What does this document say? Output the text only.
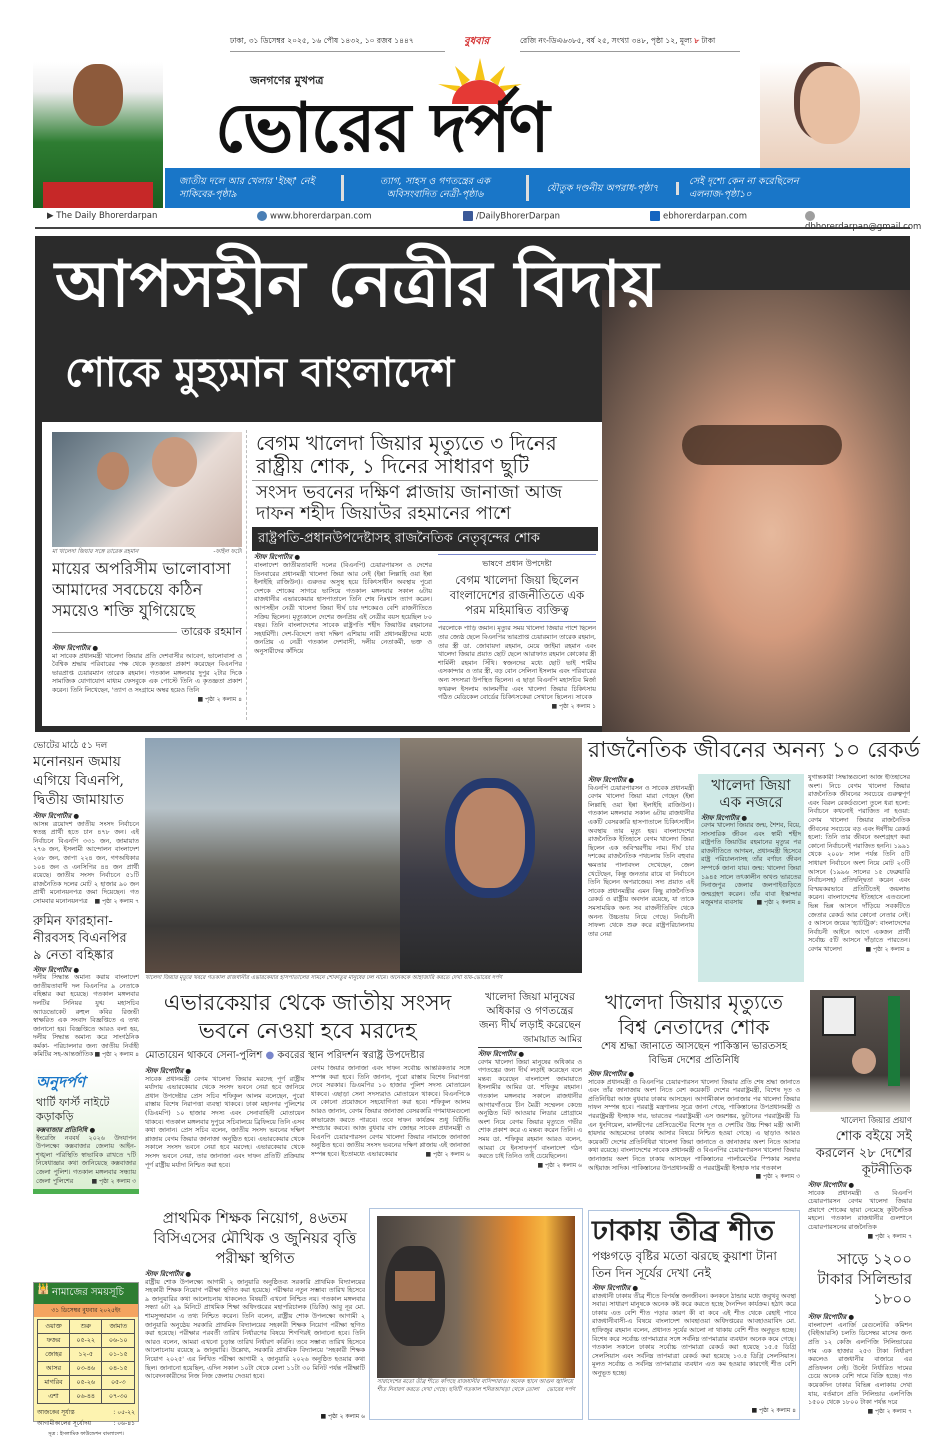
ঢাকা, ৩১ ডিসেম্বর ২০২৫, ১৬ পৌষ ১৪৩২, ১০ রজব ১৪৪৭	বুধবার	রেজি নং-ডিএ৬৩৮৫, বর্ষ ২৫, সংখ্যা ৩৪৮, পৃষ্ঠা ১২, মূল্য ৮ টাকা
জনগণের মুখপত্র
ভোরের দর্পণ
জাতীয় দলে আর খেলার 'ইচ্ছা' নেই সাকিবের-পৃষ্ঠা৯
ত্যাগ, সাহস ও গণতন্ত্রের এক অবিসংবাদিত নেত্রী-পৃষ্ঠা৬
যৌতুক দণ্ডনীয় অপরাধ-পৃষ্ঠা৭
সেই দৃশ্যে কেন না করেছিলেন এলনাজ-পৃষ্ঠা১০
▶ The Daily Bhorerdarpan	www.bhorerdarpan.com	/DailyBhorerDarpan	ebhorerdarpan.com
dbhorerdarpan@gmail.com
আপসহীন নেত্রীর বিদায়
শোকে মুহ্যমান বাংলাদেশ
মা খালেদা জিয়ার সঙ্গে তারেক রহমান	-ফাইল ফটো
মায়ের অপরিসীম ভালোবাসা আমাদের সবচেয়ে কঠিন সময়েও শক্তি যুগিয়েছে
তারেক রহমান
স্টাফ রিপোর্টার ●
মা সাবেক প্রধানমন্ত্রী খালেদা জিয়ার প্রতি দেশবাসীর আবেগ, ভালোবাসা ও বৈশ্বিক শ্রদ্ধায় পরিবারের পক্ষ থেকে কৃতজ্ঞতা প্রকাশ করেছেন বিএনপির ভারপ্রাপ্ত চেয়ারম্যান তারেক রহমান। গতকাল মঙ্গলবার দুপুর ২টার দিকে সামাজিক যোগাযোগ মাধ্যম ফেসবুকে এক পোস্টে তিনি এ কৃতজ্ঞতা প্রকাশ করেন। তিনি লিখেছেন, 'ত্যাগ ও সংগ্রামে অম্বর হয়েও তিনি
■ পৃষ্ঠা ২ কলাম ৪
বেগম খালেদা জিয়ার মৃত্যুতে ৩ দিনের রাষ্ট্রীয় শোক, ১ দিনের সাধারণ ছুটি
সংসদ ভবনের দক্ষিণ প্লাজায় জানাজা আজ দাফন শহীদ জিয়াউর রহমানের পাশে
রাষ্ট্রপতি-প্রধানউপদেষ্টাসহ রাজনৈতিক নেতৃবৃন্দের শোক
স্টাফ রিপোর্টার ●
বাংলাদেশ জাতীয়তাবাদী দলের (বিএনপি) চেয়ারপারসন ও দেশের তিনবারের প্রধানমন্ত্রী খালেদা জিয়া আর নেই (ইন্না লিল্লাহি ওয়া ইন্না ইলাইহি রাজিউন)। গুরুতর অসুস্থ হয়ে চিকিৎসাধীন অবস্থায় পুরো দেশকে শোকের সাগরে ভাসিয়ে গতকাল মঙ্গলবার সকাল ৬টায় রাজধানীর এভারকেয়ার হাসপাতালে তিনি শেষ নিঃশ্বাস ত্যাগ করেন। আপসহীন নেত্রী খালেদা জিয়া দীর্ঘ চার দশকেরও বেশি রাজনীতিতে সক্রিয় ছিলেন। মৃত্যুকালে দেশের জনপ্রিয় এই নেত্রীর বয়স হয়েছিল ৮০ বছর। তিনি বাংলাদেশের সাবেক রাষ্ট্রপতি শহীদ জিয়াউর রহমানের সহধর্মিণী। দেশ-বিদেশে তথা দক্ষিণ এশিয়ায় নারী প্রধানমন্ত্রীদের মধ্যে জনপ্রিয় এ নেত্রী গতকাল দেশবাসী, দলীয় নেতাকর্মী, ভক্ত ও অনুসারীদের কাঁদিয়ে
ভাষণে প্রধান উপদেষ্টা
বেগম খালেদা জিয়া ছিলেন বাংলাদেশের রাজনীতিতে এক পরম মহিমান্বিত ব্যক্তিত্ব
পরলোকে পাড়ি জমান। মৃত্যুর সময় খালেদা জিয়ার পাশে ছিলেন তার জ্যেষ্ঠ ছেলে বিএনপির ভারপ্রাপ্ত চেয়ারম্যান তারেক রহমান, তার স্ত্রী ডা. জোবায়দা রহমান, মেয়ে জাইমা রহমান এবং খালেদা জিয়ার প্রয়াত ছোট ছেলে আরাফাত রহমান কোকোর স্ত্রী শার্মিলী রহমান সিঁথি। স্বজনদের মধ্যে ছোট ভাই শামীম এসকান্দার ও তার স্ত্রী, বড় বোন সেলিনা ইসলাম এবং পরিবারের অন্য সদস্যরা উপস্থিত ছিলেন। এ ছাড়া বিএনপি মহাসচিব মির্জা ফখরুল ইসলাম আলমগীর এবং খালেদা জিয়ার চিকিৎসায় গঠিত মেডিকেল বোর্ডের চিকিৎসকেরা সেখানে ছিলেন। সাবেক
■ পৃষ্ঠা ২ কলাম ১
ভোটের মাঠে ৫১ দল
মনোনয়ন জমায় এগিয়ে বিএনপি, দ্বিতীয় জামায়াত
স্টাফ রিপোর্টার ●
আসন্ন ত্রয়োদশ জাতীয় সংসদ নির্বাচনে স্বতন্ত্র প্রার্থী হতে চান ৪৭৮ জন। এই নির্বাচনে বিএনপি ৩৩১ জন, জামায়াত ২৭৬ জন, ইসলামী আন্দোলন বাংলাদেশ ২৬৮ জন, জাপা ২২৪ জন, গণঅধিকার ১০৪ জন ও এনসিপির ৪৪ জন প্রার্থী রয়েছে। জাতীয় সংসদ নির্বাচনে ৫১টি রাজনৈতিক দলের মোট ২ হাজার ৯০ জন প্রার্থী মনোনয়নপত্র জমা দিয়েছেন। গত সোমবার মনোনয়নপত্র ■ পৃষ্ঠা ২ কলাম ৭
রুমিন ফারহানা-নীরবসহ বিএনপির ৯ নেতা বহিষ্কার
স্টাফ রিপোর্টার ●
দলীয় সিদ্ধান্ত অমান্য করায় বাংলাদেশ জাতীয়তাবাদী দল বিএনপির ৯ নেতাকে বহিষ্কার করা হয়েছে। গতকাল মঙ্গলবার দলটির সিনিয়র যুগ্ম মহাসচিব অ্যাডভোকেট রুহুল কবির রিজভী স্বাক্ষরিত এক সংবাদ বিজ্ঞপ্তিতে এ তথ্য জানানো হয়। বিজ্ঞপ্তিতে আরও বলা হয়, দলীয় সিদ্ধান্ত অমান্য করে সাংগঠনিক কর্মকা- পরিচালনার জন্য জাতীয় নির্বাহী কমিটির সহ-আন্তর্জাতিক ■ পৃষ্ঠা ২ কলাম ৪
অনুদর্পণ
থার্টি ফার্স্ট নাইটে কড়াকড়ি
কক্সবাজার প্রতিনিধি ●
ইংরেজি নববর্ষ ২০২৬ উদযাপন উপলক্ষ্যে কক্সবাজার জেলায় আইন-শৃঙ্খলা পরিস্থিতি স্বাভাবিক রাখতে ৭টি নিষেধাজ্ঞার কথা জানিয়েছে কক্সবাজার জেলা পুলিশ। গতকাল মঙ্গলবার সন্ধ্যায় জেলা পুলিশের	■ পৃষ্ঠা ২ কলাম ৩
খালেদা জিয়ার মৃত্যুর খবরে গতকাল রাজধানীর এভারকেয়ার হাসপাতালের সামনে শোকাতুর মানুষের ঢল নামে। অনেককে আহাজারি করতে দেখা যায়-ভোরের দর্পণ
রাজনৈতিক জীবনের অনন্য ১০ রেকর্ড
স্টাফ রিপোর্টার ●
বিএনপি চেয়ারপারসন ও সাবেক প্রধানমন্ত্রী বেগম খালেদা জিয়া মারা গেছেন (ইন্না লিল্লাহি ওয়া ইন্না ইলাইহি রাজিউন)। গতকাল মঙ্গলবার সকাল ৬টায় রাজধানীর একটি বেসরকারি হাসপাতালে চিকিৎসাধীন অবস্থায় তার মৃত্যু হয়। বাংলাদেশের রাজনৈতিক ইতিহাসে বেগম খালেদা জিয়া ছিলেন এক অবিস্মরণীয় নাম। দীর্ঘ চার দশকের রাজনৈতিক পথচলায় তিনি বহুবার ক্ষমতার পালাবদল দেখেছেন, জেল খেটেছেন, কিন্তু জনতার রায়ে বা নির্বাচনে তিনি ছিলেন অপরাজেয়। সদ্য প্রয়াত এই সাবেক প্রধানমন্ত্রীর এমন কিছু রাজনৈতিক রেকর্ড ও রাষ্ট্রীয় অবদান রয়েছে, যা তাকে সমসাময়িক অন্য সব রাজনীতিবিদ থেকে অনন্য উচ্চতায় নিয়ে গেছে। নির্বাচনী সাফল্য থেকে শুরু করে রাষ্ট্রপরিচালনায় তার নেয়া
যুগান্তকারী সিদ্ধান্তগুলো আজ ইতিহাসের অংশ। নিচে বেগম খালেদা জিয়ার রাজনৈতিক জীবনের সবচেয়ে গুরুত্বপূর্ণ এবং বিরল রেকর্ডগুলো তুলে ধরা হলো: নির্বাচনে কখনোই পরাজিত না হওয়া: বেগম খালেদা জিয়ার রাজনৈতিক জীবনের সবচেয়ে বড় এবং ঈর্ষণীয় রেকর্ড হলো: তিনি তার জীবনে অংশগ্রহণ করা কোনো নির্বাচনেই পরাজিত হননি। ১৯৯১ থেকে ২০০৮ সাল পর্যন্ত তিনি ৫টি সাধারণ নির্বাচনে অংশ নিয়ে মোট ২৩টি আসনে (১৯৯৬ সালের ১৫ ফেব্রুয়ারি নির্বাচনসহ) প্রতিদ্বন্দ্বিতা করেন এবং বিস্ময়করভাবে প্রতিটিতেই জয়লাভ করেন। বাংলাদেশের ইতিহাসে এতগুলো ভিন্ন ভিন্ন আসনে দাঁড়িয়ে সবকটিতে জেতার রেকর্ড আর কোনো নেতার নেই। ৫ আসনে জয়ের 'হ্যাটট্রিক': বাংলাদেশের নির্বাচনী আইনে আগে একজন প্রার্থী সর্বোচ্চ ৫টি আসনে দাঁড়াতে পারতেন। বেগম খালেদা	■ পৃষ্ঠা ২ কলাম ৪
খালেদা জিয়া এক নজরে
স্টাফ রিপোর্টার ●
বেগম খালেদা জিয়ার জন্ম, শৈশব, বিয়ে, সাংসারিক জীবন এবং স্বামী শহীদ রাষ্ট্রপতি জিয়াউর রহমানের মৃত্যুর পর রাজনীতিতে আগমন, প্রধানমন্ত্রী হিসেবে রাষ্ট্র পরিচালনাসহ তাঁর বর্ণাঢ্য জীবন সম্পর্কে জানা যায়। জন্ম: খালেদা জিয়া ১৯৪৫ সালে তৎকালীন অখণ্ড ভারতের দিনাজপুর জেলার জলপাইগুড়িতে জন্মগ্রহণ করেন। তাঁর বাবা ইস্কান্দার মজুমদার ব্যবসায় ■ পৃষ্ঠা ২ কলাম ৪
এভারকেয়ার থেকে জাতীয় সংসদ ভবনে নেওয়া হবে মরদেহ
মোতায়েন থাকবে সেনা-পুলিশ ● কবরের স্থান পরিদর্শন স্বরাষ্ট্র উপদেষ্টার
স্টাফ রিপোর্টার ●
সাবেক প্রধানমন্ত্রী বেগম খালেদা জিয়ার মরদেহ পূর্ণ রাষ্ট্রীয় মর্যাদায় এভারকেয়ার থেকে সংসদ ভবনে নেয়া হবে জানিয়ে প্রধান উপদেষ্টার প্রেস সচিব শফিকুল আলম বলেছেন, পুরো রাস্তায় বিশেষ নিরাপত্তা ব্যবস্থা থাকবে। ঢাকা মহানগর পুলিশের (ডিএমপি) ১০ হাজার সদস্য এবং সেনাবাহিনী মোতায়েন থাকবে। গতকাল মঙ্গলবার দুপুরে সচিবালয়ে ব্রিফিংয়ে তিনি এসব কথা জানান। প্রেস সচিব বলেন, জাতীয় সংসদ ভবনের দক্ষিণ প্লাজায় বেগম জিয়ার জানাজা অনুষ্ঠিত হবে। এভারকেয়ার থেকে সকালে সংসদ ভবনে নেয়া হবে মরদেহ। এভারকেয়ার থেকে সংসদ ভবনে নেয়া, তার জানাজা এবং দাফন প্রতিটি প্রক্রিয়ায় পূর্ণ রাষ্ট্রীয় মর্যাদা নিশ্চিত করা হবে।
বেগম জিয়ার জানাজা এবং দাফন সর্বোচ্চ আন্তরিকতার সঙ্গে সম্পন্ন করা হবে। তিনি জানান, পুরো রাস্তায় বিশেষ নিরাপত্তা দেবে সরকার। ডিএমপির ১০ হাজার পুলিশ সদস্য মোতায়েন থাকবে। এছাড়া সেনা সদস্যরাও মোতায়েন থাকবে। বিএনপিকে যে কোনো প্রয়োজনে সহযোগিতা করা হবে। শফিকুল আলম আরও জানান, বেগম জিয়ার জানাজা বেসরকারি গণমাধ্যমগুলো কাভারেজ করতে পারবে। তবে দাফন কার্যক্রম শুধু বিটিভি সম্প্রচার করবে। আজ বুধবার বাদ জোহর সাবেক প্রধানমন্ত্রী ও বিএনপি চেয়ারপারসন বেগম খালেদা জিয়ার নামাজে জানাজা অনুষ্ঠিত হবে। জাতীয় সংসদ ভবনের দক্ষিণ প্লাজায় এই জানাজা সম্পন্ন হবে। ইতোমধ্যে এভারকেয়ার	■ পৃষ্ঠা ২ কলাম ৬
খালেদা জিয়া মানুষের অধিকার ও গণতন্ত্রের জন্য দীর্ঘ লড়াই করেছেন
জামায়াত আমির
স্টাফ রিপোর্টার ●
বেগম খালেদা জিয়া মানুষের অধিকার ও গণতন্ত্রের জন্য দীর্ঘ লড়াই করেছেন বলে মন্তব্য করেছেন বাংলাদেশ জামায়াতে ইসলামীর আমির ডা. শফিকুর রহমান। গতকাল মঙ্গলবার সকালে রাজধানীর আগারগাঁওয়ে চীন মৈত্রী সম্মেলন কেন্দ্রে অনুষ্ঠিত মিট আওয়ার লিডার প্রোগ্রামে অংশ নিয়ে বেগম জিয়ার মৃত্যুতে গভীর শোক প্রকাশ করে এ মন্তব্য করেন তিনি। এ সময় ডা. শফিকুর রহমান আরও বলেন, আমরা যে ইনসাফপূর্ণ বাংলাদেশ গঠন করতে চাই তিনিও তাই চেয়েছিলেন।
■ পৃষ্ঠা ২ কলাম ৬
খালেদা জিয়ার মৃত্যুতে বিশ্ব নেতাদের শোক
শেষ শ্রদ্ধা জানাতে আসছেন পাকিস্তান ভারতসহ বিভিন্ন দেশের প্রতিনিধি
স্টাফ রিপোর্টার ●
সাবেক প্রধানমন্ত্রী ও বিএনপির চেয়ারপারসন খালেদা জিয়ার প্রতি শেষ শ্রদ্ধা জানাতে এবং তাঁর জানাজায় অংশ নিতে বেশ কয়েকটি দেশের পররাষ্ট্রমন্ত্রী, বিশেষ দূত ও প্রতিনিধিরা আজ বুধবার ঢাকায় আসছেন। আগামীকাল জানাজার পর খালেদা জিয়ার দাফন সম্পন্ন হবে। পররাষ্ট্র মন্ত্রণালয় সূত্রে জানা গেছে, পাকিস্তানের উপপ্রধানমন্ত্রী ও পররাষ্ট্রমন্ত্রী ইসহাক দার, ভারতের পররাষ্ট্রমন্ত্রী এস জয়শঙ্কর, ভুটানের পররাষ্ট্রমন্ত্রী ডি এন ধুংগিয়েল, মালদ্বীপের প্রেসিডেন্টের বিশেষ দূত ও দেশটির উচ্চ শিক্ষা মন্ত্রী আলী হায়দার আহমেদের ঢাকায় আসার বিষয়ে নিশ্চিত হওয়া গেছে। এ ছাড়াও আরও কয়েকটি দেশের প্রতিনিধিরা খালেদা জিয়া জানাতে ও জানাজায় অংশ নিতে আসার কথা রয়েছে। বাংলাদেশের সাবেক প্রধানমন্ত্রী ও বিএনপির চেয়ারপারসন খালেদা জিয়ার জানাজায় অংশ নিতে ঢাকায় আসছেন পাকিস্তানের পার্লামেন্টের স্পিকার সরদার আইয়াজ সাদিক। পাকিস্তানের উপপ্রধানমন্ত্রী ও পররাষ্ট্রমন্ত্রী ইসহাক দার গতকাল
■ পৃষ্ঠা ২ কলাম ৩
খালেদা জিয়ার প্রয়াণ
শোক বইয়ে সই করলেন ২৮ দেশের কূটনীতিক
স্টাফ রিপোর্টার ●
সাবেক প্রধানমন্ত্রী ও বিএনপি চেয়ারপারসন বেগম খালেদা জিয়ার প্রয়াণে শোকের ছায়া নেমেছে কূটনৈতিক মহলে। গতকাল রাজধানীর গুলশানে চেয়ারপারসনের রাজনৈতিক
■ পৃষ্ঠা ২ কলাম ৭
সাড়ে ১২০০ টাকার সিলিন্ডার ১৮০০
স্টাফ রিপোর্টার ●
বাংলাদেশ এনার্জি রেগুলেটরি কমিশন (বিইআরসি) চলতি ডিসেম্বর মাসের জন্য প্রতি ১২ কেজি এলপিজি সিলিন্ডারের দাম এক হাজার ২৫৩ টাকা নির্ধারণ করলেও রাজধানীর বাজারে এর প্রতিফলন নেই। উল্টো নির্ধারিত দামের চেয়ে অনেক বেশি দামে বিক্রি হচ্ছে। গত কয়েকদিন ঢাকার বিভিন্ন এলাকায় দেখা যায়, বর্তমানে প্রতি সিলিন্ডার এলপিজি ১৫০০ থেকে ১৮০০ টাকা পর্যন্ত দরে
■ পৃষ্ঠা ২ কলাম ৭
🕌 নামাজের সময়সূচি
৩১ ডিসেম্বর বুধবার ২০২৫ইং
ওয়াক্ত	শুরু	জামাত
ফজর	০৫-২২	০৬-১০
জোহর	১২-৫	০১-১৫
আসর	০৩-৪৬	০৪-১৫
মাগরিব	০৫-২৬	০৫-৩
এশা	০৬-৪৪	০৭-৩০
আজকের সূর্যাস্ত	: ০৫-২২
আগামীকালের সূর্যোদয়	: ০৬-৪১
সূত্র : ইসলামিক ফাউন্ডেশন বাংলাদেশ।
প্রাথমিক শিক্ষক নিয়োগ, ৪৬তম বিসিএসের মৌখিক ও জুনিয়র বৃত্তি পরীক্ষা স্থগিত
স্টাফ রিপোর্টার ●
রাষ্ট্রীয় শোক উপলক্ষ্যে আগামী ২ জানুয়ারি অনুষ্ঠিতব্য সরকারি প্রাথমিক বিদ্যালয়ের সহকারী শিক্ষক নিয়োগ পরীক্ষা স্থগিত করা হয়েছে। পরীক্ষার নতুন সম্ভাব্য তারিখ হিসেবে ৯ জানুয়ারির কথা আলোচনায় থাকলেও বিষয়টি এখনো নিশ্চিত নয়। গতকাল মঙ্গলবার সন্ধ্যা ৬টা ২৯ মিনিটে প্রাথমিক শিক্ষা অধিদপ্তরের মহাপরিচালক (ডিজি) আবু নূর মো. শামসুজ্জামান এ তথ্য নিশ্চিত করেন। তিনি বলেন, রাষ্ট্রীয় শোক উপলক্ষ্যে আগামী ২ জানুয়ারি অনুষ্ঠেয় সরকারি প্রাথমিক বিদ্যালয়ের সহকারী শিক্ষক নিয়োগ পরীক্ষা স্থগিত করা হয়েছে। পরীক্ষার পরবর্তী তারিখ নির্ধারণের বিষয়ে শিগগিরই জানানো হবে। তিনি আরও বলেন, আমরা এখনো চূড়ান্ত তারিখ নির্ধারণ করিনি। তবে সম্ভাব্য তারিখ হিসেবে আলোচনায় রয়েছে ৯ জানুয়ারি। উল্লেখ্য, সরকারি প্রাথমিক বিদ্যালয়ে 'সহকারী শিক্ষক নিয়োগ ২০২৫' এর লিখিত পরীক্ষা আগামী ২ জানুয়ারি ২০২৬ অনুষ্ঠিত হওয়ার কথা ছিল। জানানো হয়েছিল, এদিন সকাল ১০টা থেকে বেলা ১১টা ৩০ মিনিট পর্যন্ত পরীক্ষাটি আবেদনকারীদের নিজ নিজ জেলায় দেওয়া হবে।
■ পৃষ্ঠা ২ কলাম ৬
সারাদেশের মতো তীব্র শীতে কাঁপছে রাজধানীর বাসিন্দারাও। অনেক স্থানে আগুন জ্বালিয়ে শীত নিবারণ করতে দেখা গেছে। ছবিটি গতকাল শনিরআখড়া থেকে তোলা ভোরের দর্পণ
ঢাকায় তীব্র শীত
পঞ্চগড়ে বৃষ্টির মতো ঝরছে কুয়াশা টানা তিন দিন সূর্যের দেখা নেই
স্টাফ রিপোর্টার ●
রাজধানী ঢাকায় তীব্র শীতে বিপর্যস্ত জনজীবন। কনকনে ঠান্ডার মধ্যে জবুথবু অবস্থা সবার। সাধারণ মানুষকে অনেক কষ্ট করে করতে হচ্ছে দৈনন্দিন কার্যক্রম। হঠাৎ করে ঢাকায় এত বেশি শীত পড়ার কারণ কী বা কবে এই শীত থেকে রেহাই পাবে রাজধানীবাসী-এ বিষয়ে বাংলাদেশ আবহাওয়া অধিদপ্তরের আবহাওয়াবিদ মো. হাফিজুর রহমান বলেন, প্রধানত সূর্যের আলো না থাকায় বেশি শীত অনুভূত হচ্ছে। বিশেষ করে সর্বোচ্চ তাপমাত্রার সঙ্গে সর্বনিম্ন তাপমাত্রার ব্যবধান অনেক কমে গেছে। গতকাল সকালে ঢাকায় সর্বোচ্চ তাপমাত্রা রেকর্ড করা হয়েছে ১৫.৫ ডিগ্রি সেলসিয়াস এবং সর্বনিম্ন তাপমাত্রা রেকর্ড করা হয়েছে ১৩.৫ ডিগ্রি সেলসিয়াস। মূলত সর্বোচ্চ ও সর্বনিম্ন তাপমাত্রার ব্যবধান এত কম হওয়ার কারণেই শীত বেশি অনুভূত হচ্ছে।
■ পৃষ্ঠা ২ কলাম ৪
